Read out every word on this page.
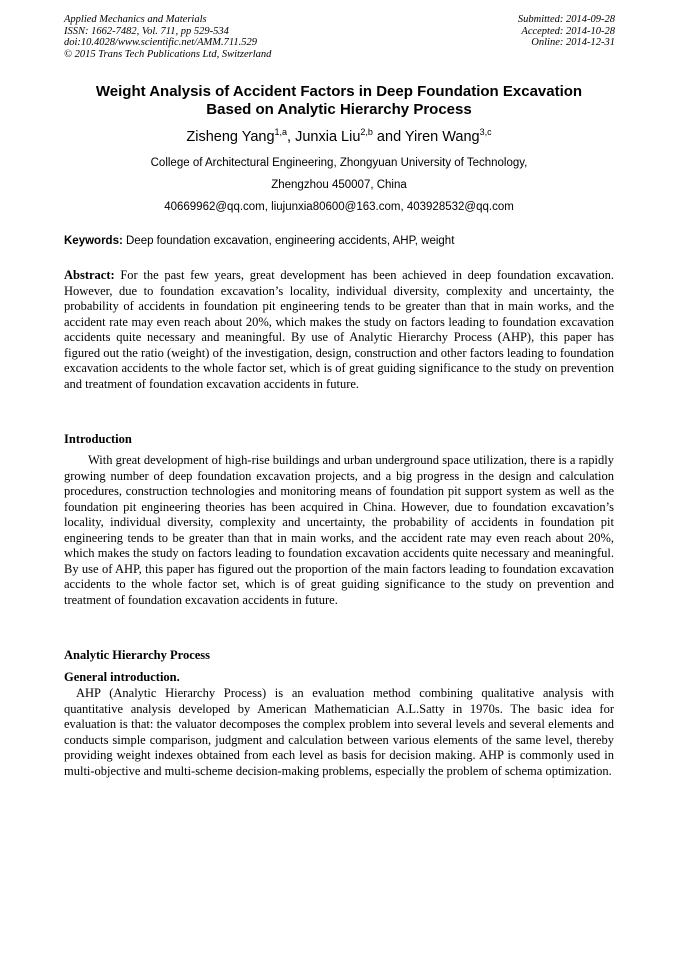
Applied Mechanics and Materials
ISSN: 1662-7482, Vol. 711, pp 529-534
doi:10.4028/www.scientific.net/AMM.711.529
© 2015 Trans Tech Publications Ltd, Switzerland
Submitted: 2014-09-28
Accepted: 2014-10-28
Online: 2014-12-31
Weight Analysis of Accident Factors in Deep Foundation Excavation
Based on Analytic Hierarchy Process
Zisheng Yang$^{1,a}$, Junxia Liu$^{2,b}$ and Yiren Wang$^{3,c}$
College of Architectural Engineering, Zhongyuan University of Technology,
Zhengzhou 450007, China
40669962@qq.com, liujunxia80600@163.com, 403928532@qq.com
Keywords: Deep foundation excavation, engineering accidents, AHP, weight
Abstract: For the past few years, great development has been achieved in deep foundation excavation. However, due to foundation excavation’s locality, individual diversity, complexity and uncertainty, the probability of accidents in foundation pit engineering tends to be greater than that in main works, and the accident rate may even reach about 20%, which makes the study on factors leading to foundation excavation accidents quite necessary and meaningful. By use of Analytic Hierarchy Process (AHP), this paper has figured out the ratio (weight) of the investigation, design, construction and other factors leading to foundation excavation accidents to the whole factor set, which is of great guiding significance to the study on prevention and treatment of foundation excavation accidents in future.
Introduction
With great development of high-rise buildings and urban underground space utilization, there is a rapidly growing number of deep foundation excavation projects, and a big progress in the design and calculation procedures, construction technologies and monitoring means of foundation pit support system as well as the foundation pit engineering theories has been acquired in China. However, due to foundation excavation’s locality, individual diversity, complexity and uncertainty, the probability of accidents in foundation pit engineering tends to be greater than that in main works, and the accident rate may even reach about 20%, which makes the study on factors leading to foundation excavation accidents quite necessary and meaningful. By use of AHP, this paper has figured out the proportion of the main factors leading to foundation excavation accidents to the whole factor set, which is of great guiding significance to the study on prevention and treatment of foundation excavation accidents in future.
Analytic Hierarchy Process
General introduction.
AHP (Analytic Hierarchy Process) is an evaluation method combining qualitative analysis with quantitative analysis developed by American Mathematician A.L.Satty in 1970s. The basic idea for evaluation is that: the valuator decomposes the complex problem into several levels and several elements and conducts simple comparison, judgment and calculation between various elements of the same level, thereby providing weight indexes obtained from each level as basis for decision making. AHP is commonly used in multi-objective and multi-scheme decision-making problems, especially the problem of schema optimization.
